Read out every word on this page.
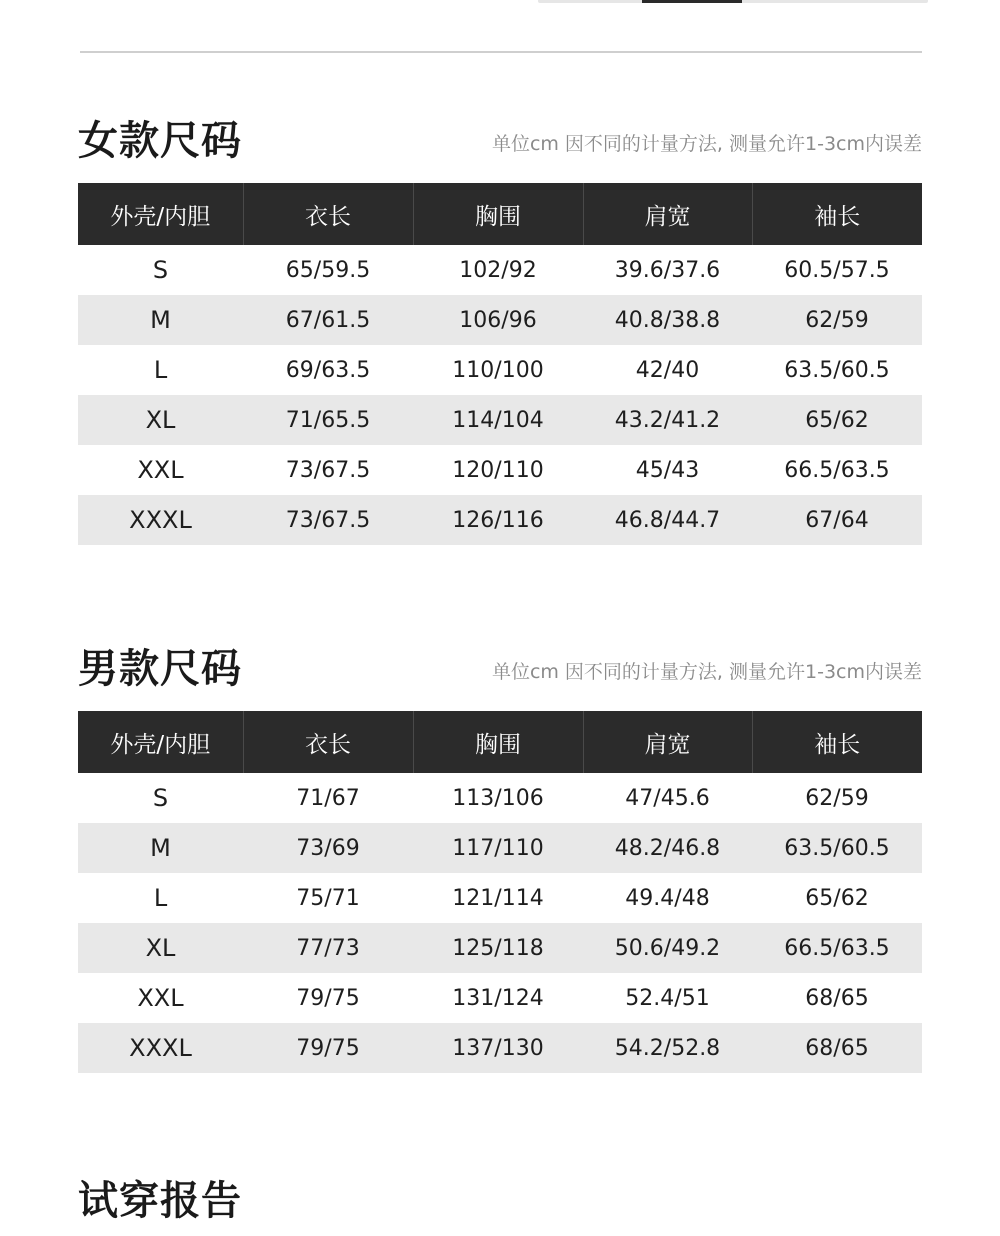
女款尺码	单位cm 因不同的计量方法, 测量允许1-3cm内误差
外壳/内胆	衣长	胸围	肩宽	袖长
S	65/59.5	102/92	39.6/37.6	60.5/57.5
M	67/61.5	106/96	40.8/38.8	62/59
L	69/63.5	110/100	42/40	63.5/60.5
XL	71/65.5	114/104	43.2/41.2	65/62
XXL	73/67.5	120/110	45/43	66.5/63.5
XXXL	73/67.5	126/116	46.8/44.7	67/64
男款尺码	单位cm 因不同的计量方法, 测量允许1-3cm内误差
外壳/内胆	衣长	胸围	肩宽	袖长
S	71/67	113/106	47/45.6	62/59
M	73/69	117/110	48.2/46.8	63.5/60.5
L	75/71	121/114	49.4/48	65/62
XL	77/73	125/118	50.6/49.2	66.5/63.5
XXL	79/75	131/124	52.4/51	68/65
XXXL	79/75	137/130	54.2/52.8	68/65
试穿报告
